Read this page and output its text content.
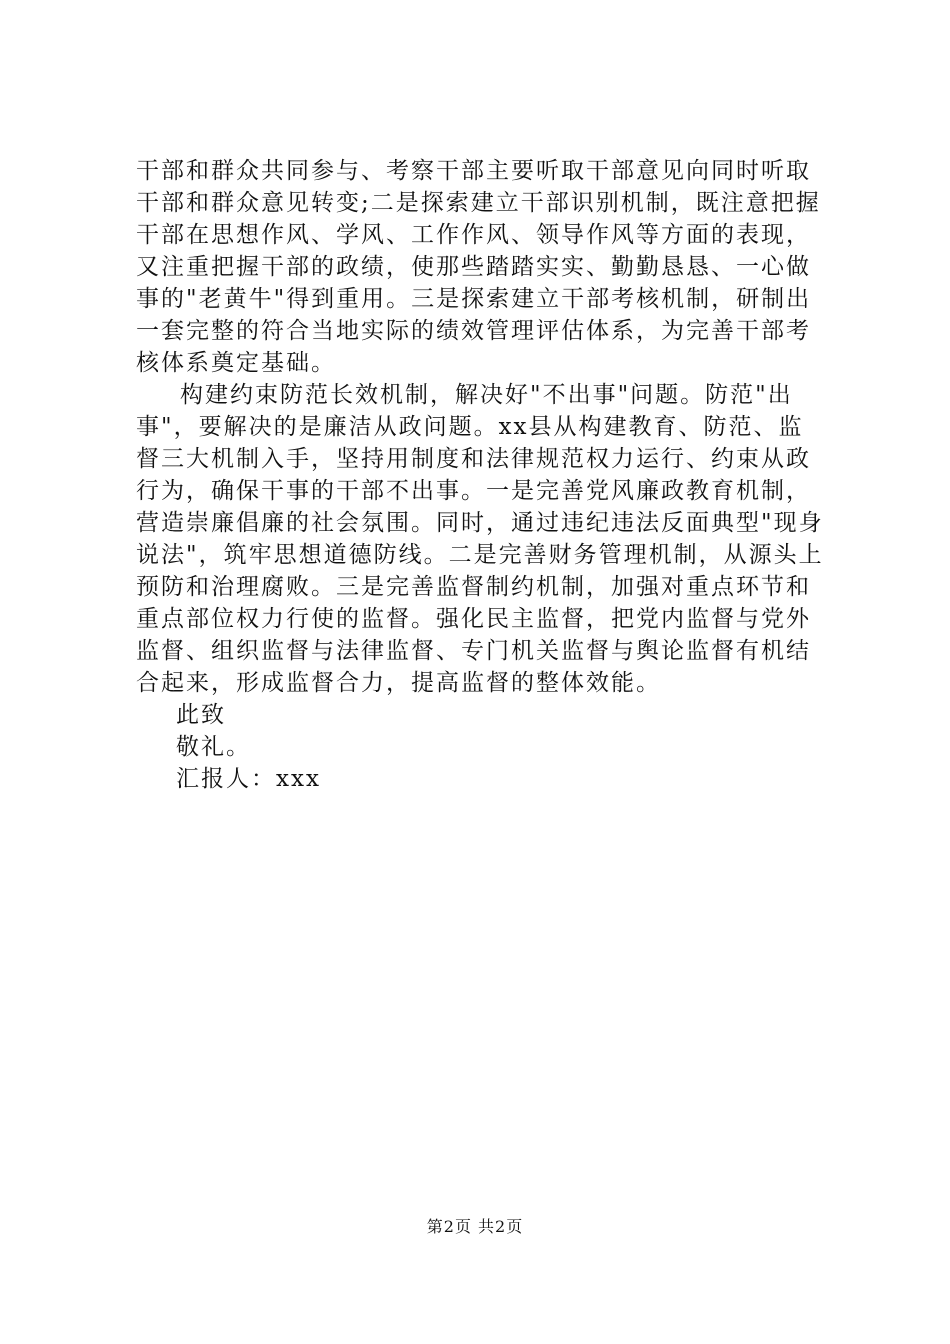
干部和群众共同参与、考察干部主要听取干部意见向同时听取
干部和群众意见转变;二是探索建立干部识别机制，既注意把握
干部在思想作风、学风、工作作风、领导作风等方面的表现，
又注重把握干部的政绩，使那些踏踏实实、勤勤恳恳、一心做
事的"老黄牛"得到重用。三是探索建立干部考核机制，研制出
一套完整的符合当地实际的绩效管理评估体系，为完善干部考
核体系奠定基础。
构建约束防范长效机制，解决好"不出事"问题。防范"出
事"，要解决的是廉洁从政问题。xx县从构建教育、防范、监
督三大机制入手，坚持用制度和法律规范权力运行、约束从政
行为，确保干事的干部不出事。一是完善党风廉政教育机制，
营造崇廉倡廉的社会氛围。同时，通过违纪违法反面典型"现身
说法"，筑牢思想道德防线。二是完善财务管理机制，从源头上
预防和治理腐败。三是完善监督制约机制，加强对重点环节和
重点部位权力行使的监督。强化民主监督，把党内监督与党外
监督、组织监督与法律监督、专门机关监督与舆论监督有机结
合起来，形成监督合力，提高监督的整体效能。
此致
敬礼。
汇报人：xxx
第2页 共2页
